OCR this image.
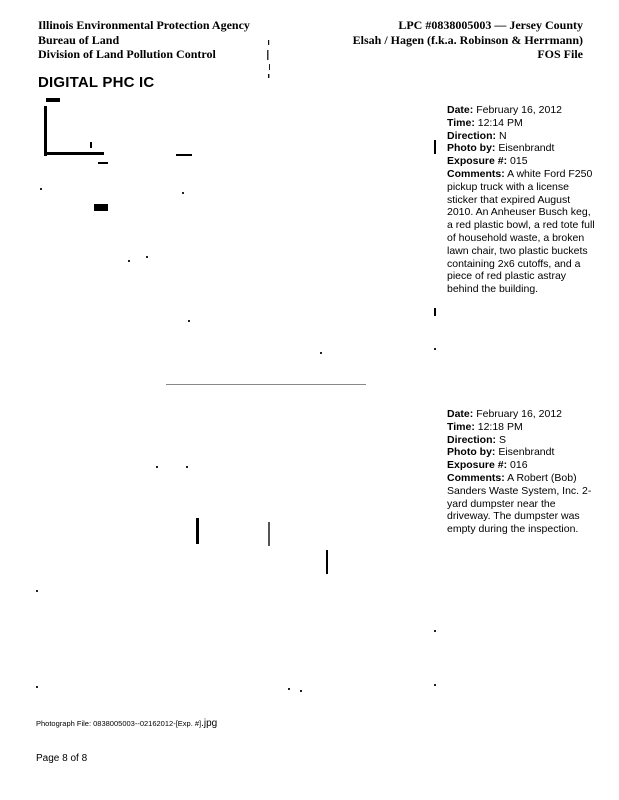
Illinois Environmental Protection Agency
Bureau of Land
Division of Land Pollution Control
LPC #0838005003 — Jersey County
Elsah / Hagen (f.k.a. Robinson & Herrmann)
FOS File
DIGITAL PHC IC
Date: February 16, 2012
Time: 12:14 PM
Direction: N
Photo by: Eisenbrandt
Exposure #: 015
Comments: A white Ford F250 pickup truck with a license sticker that expired August 2010. An Anheuser Busch keg, a red plastic bowl, a red tote full of household waste, a broken lawn chair, two plastic buckets containing 2x6 cutoffs, and a piece of red plastic astray behind the building.
Date: February 16, 2012
Time: 12:18 PM
Direction: S
Photo by: Eisenbrandt
Exposure #: 016
Comments: A Robert (Bob) Sanders Waste System, Inc. 2-yard dumpster near the driveway. The dumpster was empty during the inspection.
Photograph File: 0838005003--02162012-[Exp. #].jpg
Page 8 of 8
